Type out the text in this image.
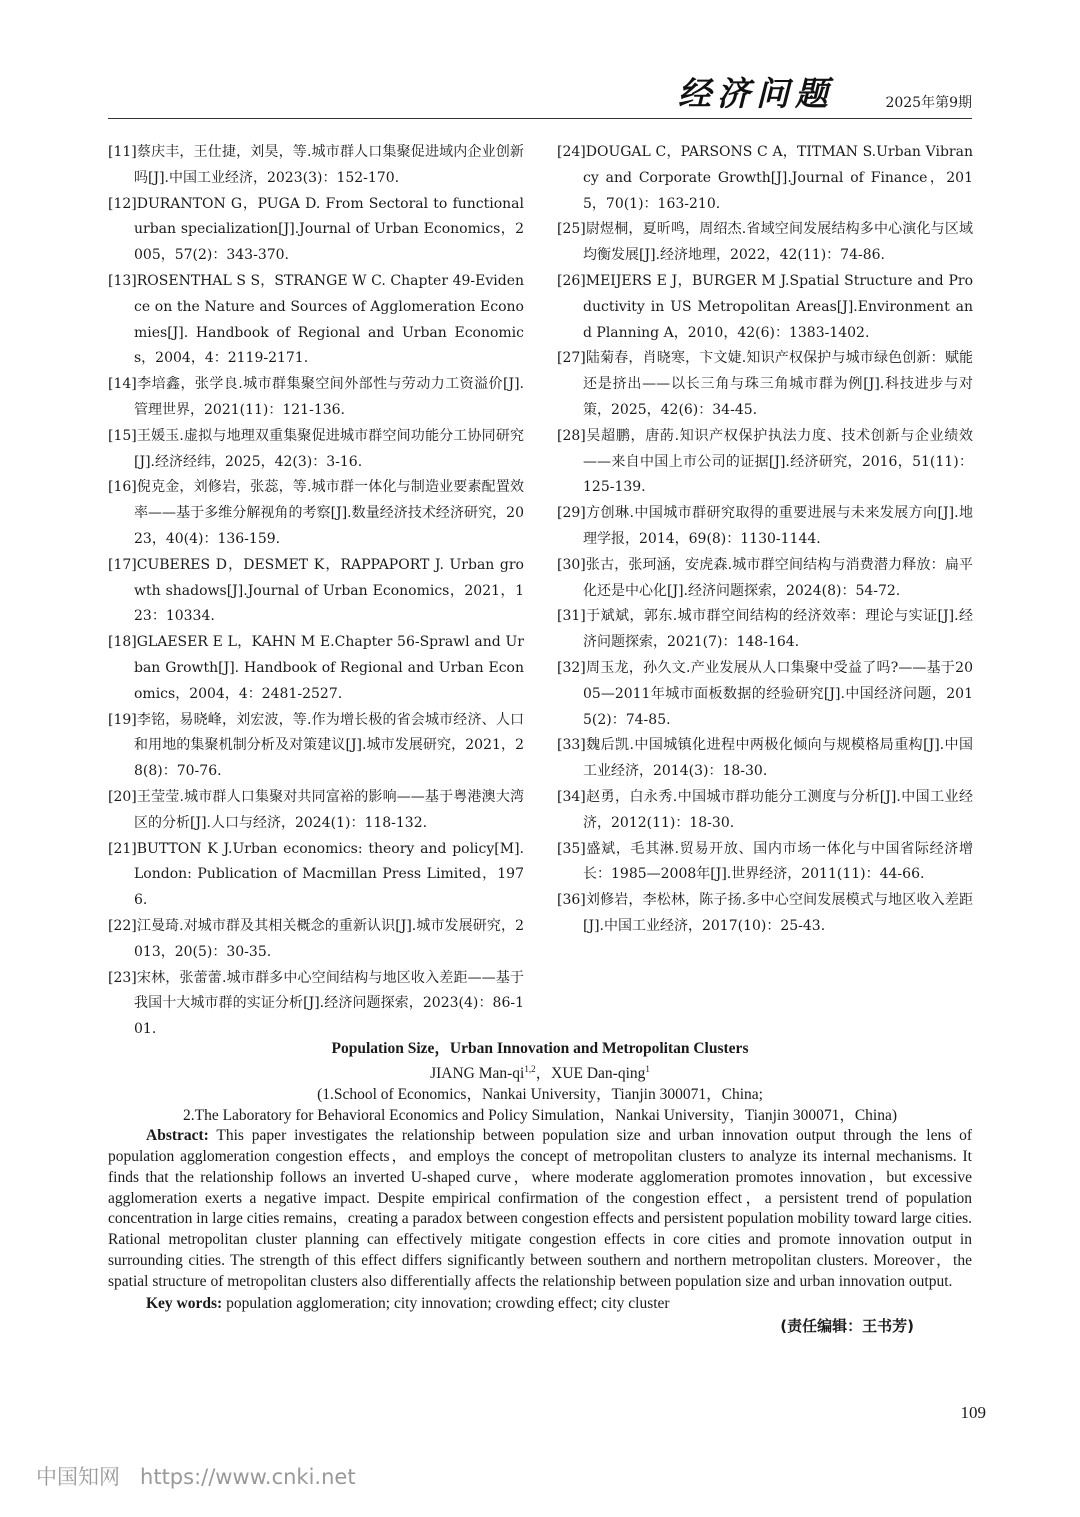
经济问题	2025年第9期

[11]蔡庆丰，王仕捷，刘昊，等.城市群人口集聚促进域内企业创新吗[J].中国工业经济，2023(3)：152-170.

[12]DURANTON G，PUGA D. From Sectoral to functional urban specialization[J].Journal of Urban Economics，2005，57(2)：343-370.

[13]ROSENTHAL S S，STRANGE W C. Chapter 49-Evidence on the Nature and Sources of Agglomeration Economies[J]. Handbook of Regional and Urban Economics，2004，4：2119-2171.

[14]李培鑫，张学良.城市群集聚空间外部性与劳动力工资溢价[J].管理世界，2021(11)：121-136.

[15]王媛玉.虚拟与地理双重集聚促进城市群空间功能分工协同研究[J].经济经纬，2025，42(3)：3-16.

[16]倪克金，刘修岩，张蕊，等.城市群一体化与制造业要素配置效率——基于多维分解视角的考察[J].数量经济技术经济研究，2023，40(4)：136-159.

[17]CUBERES D，DESMET K，RAPPAPORT J. Urban growth shadows[J].Journal of Urban Economics，2021，123：10334.

[18]GLAESER E L，KAHN M E.Chapter 56-Sprawl and Urban Growth[J]. Handbook of Regional and Urban Economics，2004，4：2481-2527.

[19]李铭，易晓峰，刘宏波，等.作为增长极的省会城市经济、人口和用地的集聚机制分析及对策建议[J].城市发展研究，2021，28(8)：70-76.

[20]王莹莹.城市群人口集聚对共同富裕的影响——基于粤港澳大湾区的分析[J].人口与经济，2024(1)：118-132.

[21]BUTTON K J.Urban economics: theory and policy[M].London: Publication of Macmillan Press Limited，1976.

[22]江曼琦.对城市群及其相关概念的重新认识[J].城市发展研究，2013，20(5)：30-35.

[23]宋林，张蕾蕾.城市群多中心空间结构与地区收入差距——基于我国十大城市群的实证分析[J].经济问题探索，2023(4)：86-101.

[24]DOUGAL C，PARSONS C A，TITMAN S.Urban Vibrancy and Corporate Growth[J].Journal of Finance，2015，70(1)：163-210.

[25]尉煜桐，夏昕鸣，周绍杰.省域空间发展结构多中心演化与区域均衡发展[J].经济地理，2022，42(11)：74-86.

[26]MEIJERS E J，BURGER M J.Spatial Structure and Productivity in US Metropolitan Areas[J].Environment and Planning A，2010，42(6)：1383-1402.

[27]陆菊春，肖晓寒，卞文婕.知识产权保护与城市绿色创新：赋能还是挤出——以长三角与珠三角城市群为例[J].科技进步与对策，2025，42(6)：34-45.

[28]吴超鹏，唐菂.知识产权保护执法力度、技术创新与企业绩效——来自中国上市公司的证据[J].经济研究，2016，51(11)：125-139.

[29]方创琳.中国城市群研究取得的重要进展与未来发展方向[J].地理学报，2014，69(8)：1130-1144.

[30]张古，张珂涵，安虎森.城市群空间结构与消费潜力释放：扁平化还是中心化[J].经济问题探索，2024(8)：54-72.

[31]于斌斌，郭东.城市群空间结构的经济效率：理论与实证[J].经济问题探索，2021(7)：148-164.

[32]周玉龙，孙久文.产业发展从人口集聚中受益了吗?——基于2005—2011年城市面板数据的经验研究[J].中国经济问题，2015(2)：74-85.

[33]魏后凯.中国城镇化进程中两极化倾向与规模格局重构[J].中国工业经济，2014(3)：18-30.

[34]赵勇，白永秀.中国城市群功能分工测度与分析[J].中国工业经济，2012(11)：18-30.

[35]盛斌，毛其淋.贸易开放、国内市场一体化与中国省际经济增长：1985—2008年[J].世界经济，2011(11)：44-66.

[36]刘修岩，李松林，陈子扬.多中心空间发展模式与地区收入差距[J].中国工业经济，2017(10)：25-43.

Population Size，Urban Innovation and Metropolitan Clusters

JIANG Man-qi$^{1,2}$，XUE Dan-qing$^1$

(1.School of Economics，Nankai University，Tianjin 300071，China;

2.The Laboratory for Behavioral Economics and Policy Simulation，Nankai University，Tianjin 300071，China)

Abstract: This paper investigates the relationship between population size and urban innovation output through the lens of population agglomeration congestion effects，and employs the concept of metropolitan clusters to analyze its internal mechanisms. It finds that the relationship follows an inverted U-shaped curve，where moderate agglomeration promotes innovation，but excessive agglomeration exerts a negative impact. Despite empirical confirmation of the congestion effect，a persistent trend of population concentration in large cities remains，creating a paradox between congestion effects and persistent population mobility toward large cities. Rational metropolitan cluster planning can effectively mitigate congestion effects in core cities and promote innovation output in surrounding cities. The strength of this effect differs significantly between southern and northern metropolitan clusters. Moreover，the spatial structure of metropolitan clusters also differentially affects the relationship between population size and urban innovation output.

Key words: population agglomeration; city innovation; crowding effect; city cluster

(责任编辑：王书芳)

109
中国知网   https://www.cnki.net
